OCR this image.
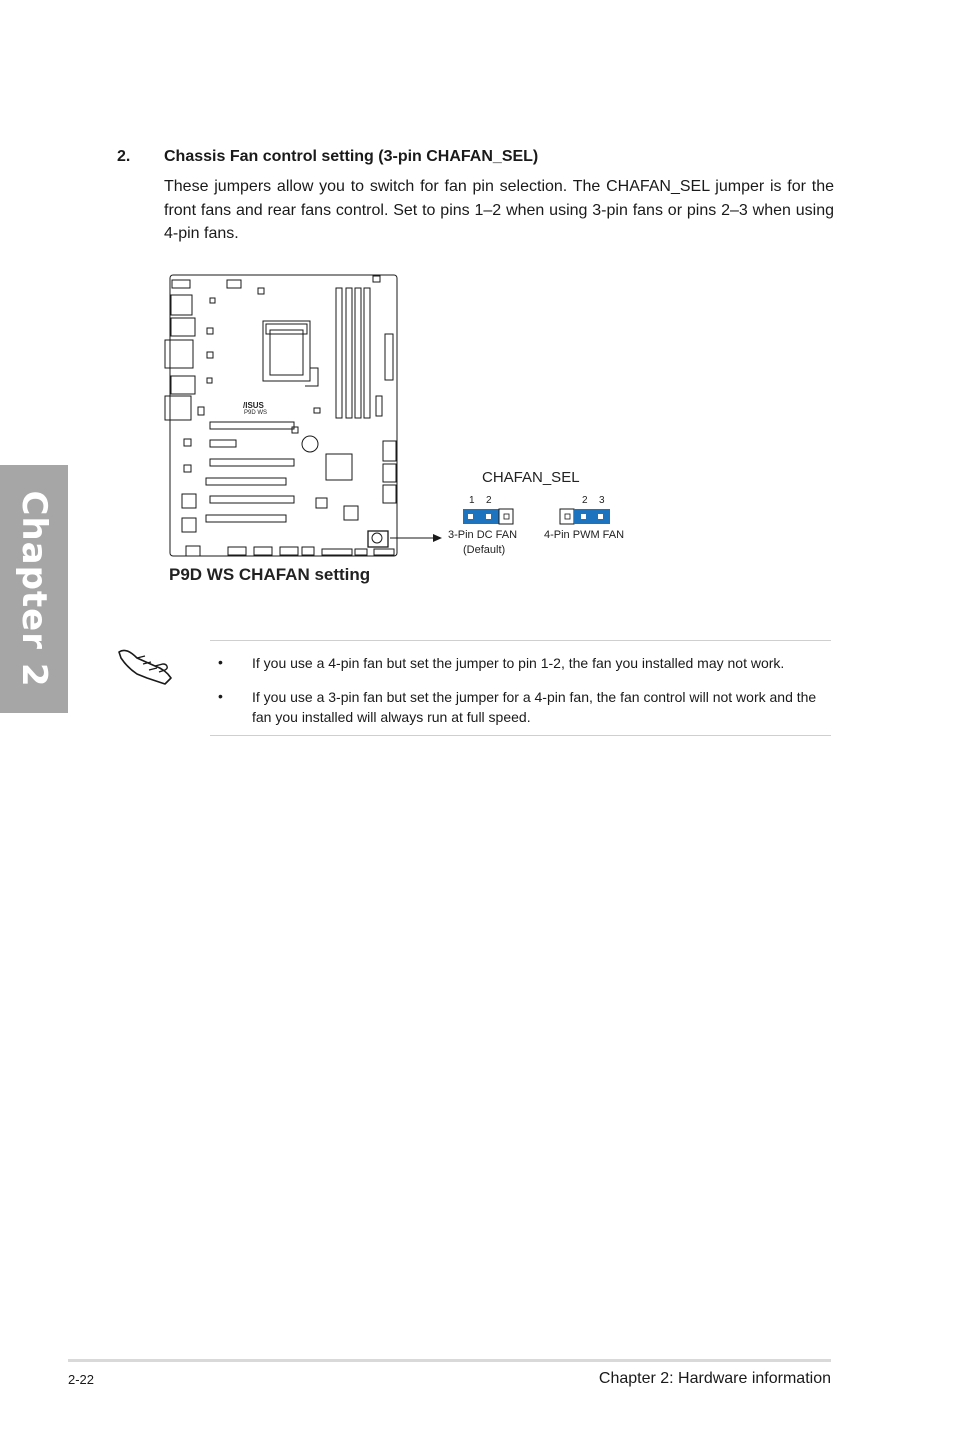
Chapter 2
2. Chassis Fan control setting (3-pin CHAFAN_SEL)

These jumpers allow you to switch for fan pin selection. The CHAFAN_SEL jumper is for the front fans and rear fans control. Set to pins 1–2 when using 3-pin fans or pins 2–3 when using 4-pin fans.

/ISUS
P9D WS
CHAFAN_SEL
1 2
3-Pin DC FAN
(Default)
2 3
4-Pin PWM FAN
P9D WS CHAFAN setting
• If you use a 4-pin fan but set the jumper to pin 1-2, the fan you installed may not work.

• If you use a 3-pin fan but set the jumper for a 4-pin fan, the fan control will not work and the fan you installed will always run at full speed.

2-22	Chapter 2: Hardware information
